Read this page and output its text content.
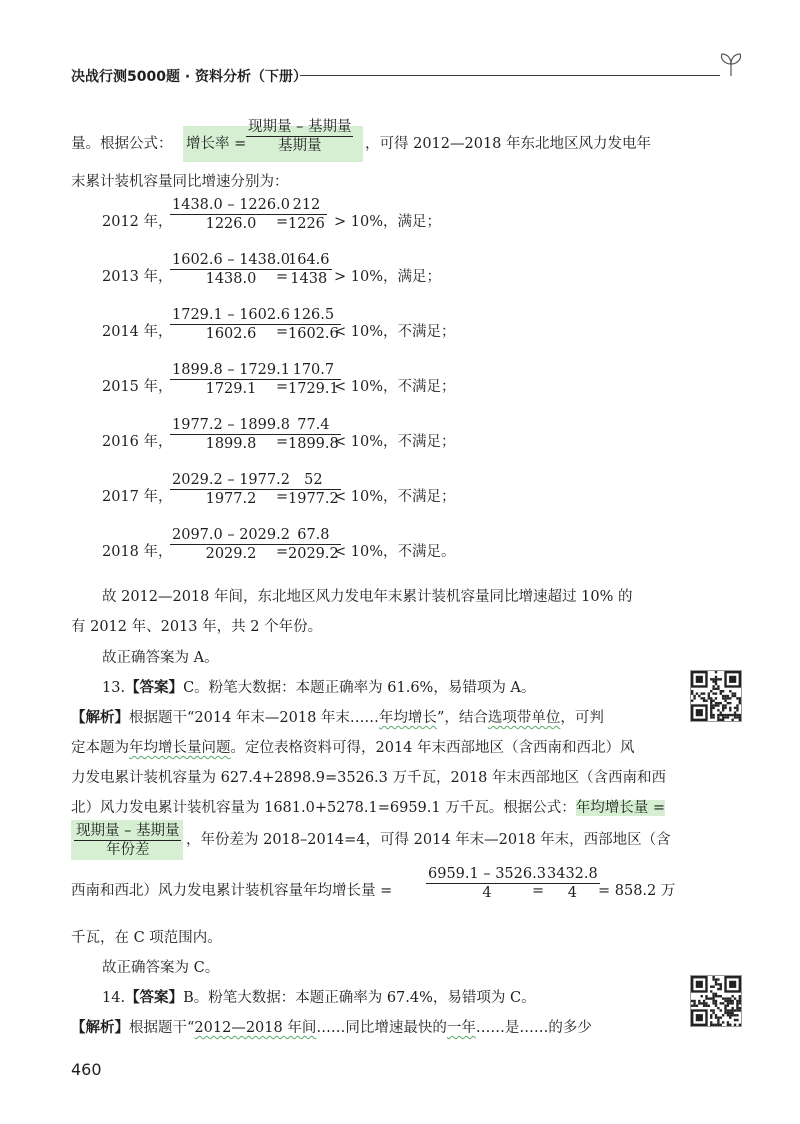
决战行测5000题 · 资料分析（下册）
量。根据公式： 增长率 =
现期量 – 基期量
基期量	，可得 2012—2018 年东北地区风力发电年
末累计装机容量同比增速分别为：
2012 年，
$\frac{1438.0 - 1226.0}{1226.0}$
=
$\frac{212}{1226} > 10\%$，满足；
2013 年，
$\frac{1602.6 - 1438.0}{1438.0}$
=
$\frac{164.6}{1438} > 10\%$，满足；
2014 年，
$\frac{1729.1 - 1602.6}{1602.6}$
=
$\frac{126.5}{1602.6}$
< 10%，不满足；
2015 年，
$\frac{1899.8 - 1729.1}{1729.1}$
=
$\frac{170.7}{1729.1}$
< 10%，不满足；
2016 年，
$\frac{1977.2 - 1899.8}{1899.8}$
=
$\frac{77.4}{1899.8}$
< 10%，不满足；
2017 年，
$\frac{2029.2 - 1977.2}{1977.2}$
=
$\frac{52}{1977.2}$
< 10%，不满足；
2018 年，
$\frac{2097.0 - 2029.2}{2029.2}$
=
$\frac{67.8}{2029.2}$
< 10%，不满足。
故 2012—2018 年间，东北地区风力发电年末累计装机容量同比增速超过 10% 的
有 2012 年、2013 年，共 2 个年份。
故正确答案为 A。
13.【答案】C。粉笔大数据：本题正确率为 61.6%，易错项为 A。
【解析】根据题干“2014 年末—2018 年末……年均增长”，结合选项带单位，可判
定本题为年均增长量问题。定位表格资料可得，2014 年末西部地区（含西南和西北）风
力发电累计装机容量为 627.4+2898.9=3526.3 万千瓦，2018 年末西部地区（含西南和西
北）风力发电累计装机容量为 1681.0+5278.1=6959.1 万千瓦。根据公式：年均增长量 =
现期量 – 基期量
年份差
，年份差为 2018–2014=4，可得 2014 年末—2018 年末，西部地区（含
西南和西北）风力发电累计装机容量年均增长量 = $\frac{6959.1 - 3526.3}{4}$
= $\frac{3432.8}{4}$
= 858.2 万
千瓦，在 C 项范围内。
故正确答案为 C。
14.【答案】B。粉笔大数据：本题正确率为 67.4%，易错项为 C。
【解析】根据题干“2012—2018 年间……同比增速最快的一年……是……的多少
460
